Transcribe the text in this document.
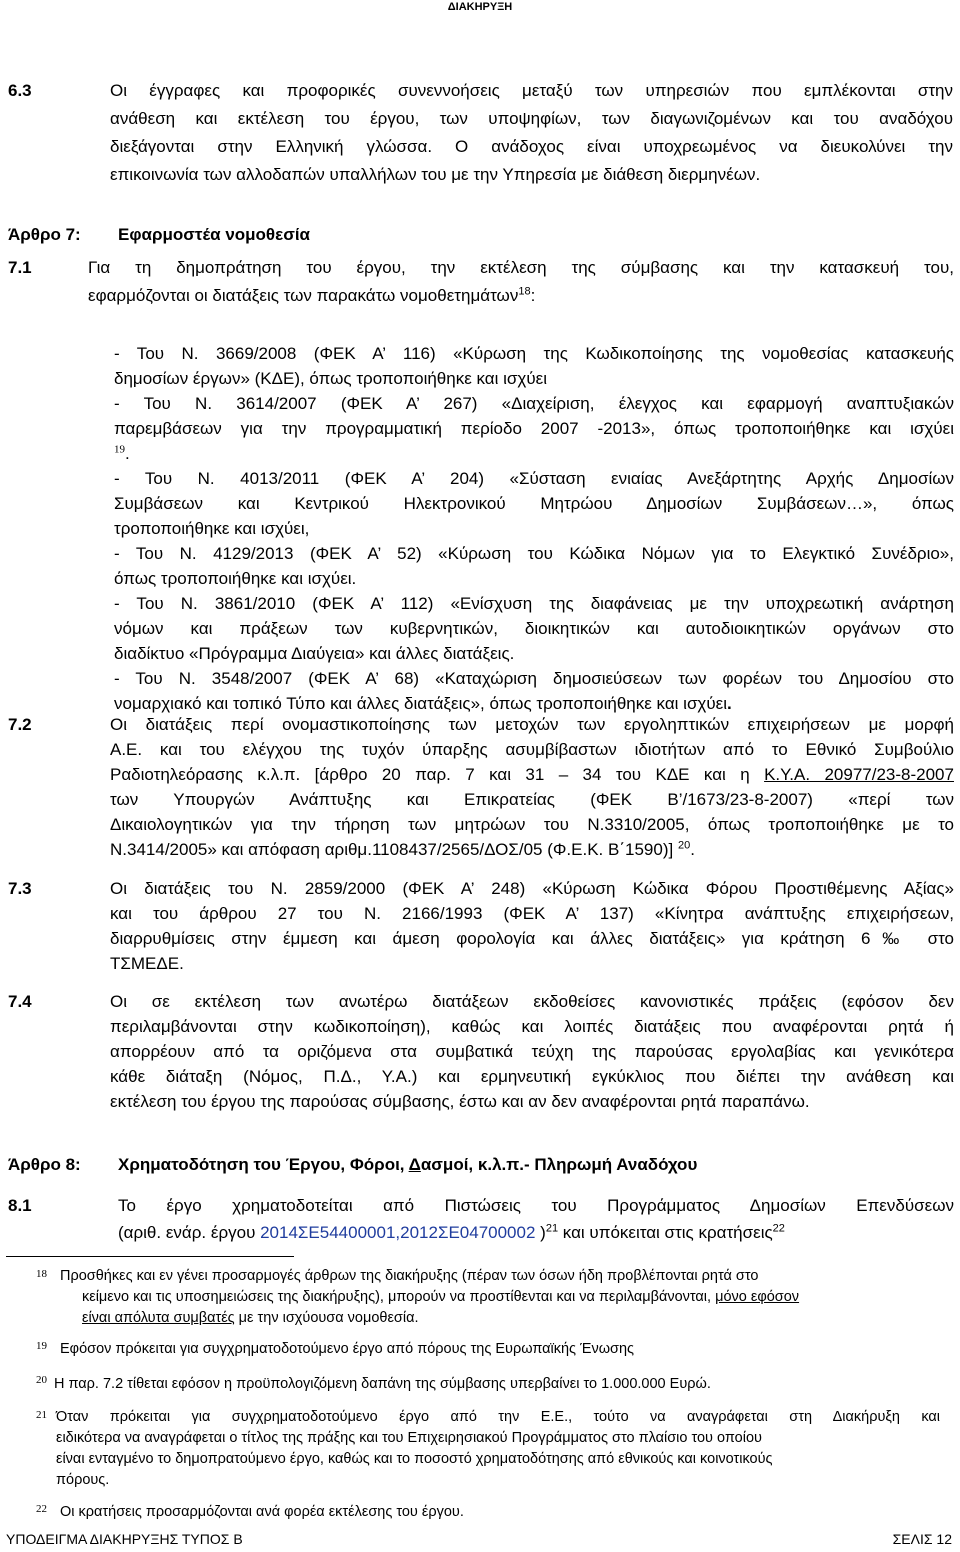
ΔΙΑΚΗΡΥΞΗ
6.3	Οι έγγραφες και προφορικές συνεννοήσεις μεταξύ των υπηρεσιών που εμπλέκονται στην
ανάθεση και εκτέλεση του έργου, των υποψηφίων, των διαγωνιζομένων και του αναδόχου
διεξάγονται στην Ελληνική γλώσσα. Ο ανάδοχος είναι υποχρεωμένος να διευκολύνει την
επικοινωνία των αλλοδαπών υπαλλήλων του με την Υπηρεσία με διάθεση διερμηνέων.
Άρθρο 7: Εφαρμοστέα νομοθεσία
7.1	Για τη δημοπράτηση του έργου, την εκτέλεση της σύμβασης και την κατασκευή του,
εφαρμόζονται οι διατάξεις των παρακάτω νομοθετημάτων$^{18}$:
- Του Ν. 3669/2008 (ΦΕΚ Α’ 116) «Κύρωση της Κωδικοποίησης της νομοθεσίας κατασκευής
δημοσίων έργων» (ΚΔΕ), όπως τροποποιήθηκε και ισχύει
- Του Ν. 3614/2007 (ΦΕΚ Α’ 267) «Διαχείριση, έλεγχος και εφαρμογή αναπτυξιακών
παρεμβάσεων για την προγραμματική περίοδο 2007 -2013», όπως τροποποιήθηκε και ισχύει
$^{19}$.
- Του Ν. 4013/2011 (ΦΕΚ Α’ 204) «Σύσταση ενιαίας Ανεξάρτητης Αρχής Δημοσίων
Συμβάσεων και Κεντρικού Ηλεκτρονικού Μητρώου Δημοσίων Συμβάσεων…», όπως
τροποποιήθηκε και ισχύει,
- Του Ν. 4129/2013 (ΦΕΚ Α’ 52) «Κύρωση του Κώδικα Νόμων για το Ελεγκτικό Συνέδριο»,
όπως τροποποιήθηκε και ισχύει.
- Του Ν. 3861/2010 (ΦΕΚ Α’ 112) «Ενίσχυση της διαφάνειας με την υποχρεωτική ανάρτηση
νόμων και πράξεων των κυβερνητικών, διοικητικών και αυτοδιοικητικών οργάνων στο
διαδίκτυο «Πρόγραμμα Διαύγεια» και άλλες διατάξεις.
- Του Ν. 3548/2007 (ΦΕΚ Α’ 68) «Καταχώριση δημοσιεύσεων των φορέων του Δημοσίου στο
νομαρχιακό και τοπικό Τύπο και άλλες διατάξεις», όπως τροποποιήθηκε και ισχύει.
7.2	Οι διατάξεις περί ονομαστικοποίησης των μετοχών των εργοληπτικών επιχειρήσεων με μορφή
Α.Ε. και του ελέγχου της τυχόν ύπαρξης ασυμβίβαστων ιδιοτήτων από το Εθνικό Συμβούλιο
Ραδιοτηλεόρασης κ.λ.π. [άρθρο 20 παρ. 7 και 31 – 34 του ΚΔΕ και η Κ.Υ.Α. 20977/23-8-2007
των Υπουργών Ανάπτυξης και Επικρατείας (ΦΕΚ Β’/1673/23-8-2007) «περί των
Δικαιολογητικών για την τήρηση των μητρώων του Ν.3310/2005, όπως τροποποιήθηκε με το
Ν.3414/2005» και απόφαση αριθμ.1108437/2565/ΔΟΣ/05 (Φ.Ε.Κ. Β΄1590)] $^{20}$.
7.3	Οι διατάξεις του Ν. 2859/2000 (ΦΕΚ Α’ 248) «Κύρωση Κώδικα Φόρου Προστιθέμενης Αξίας»
και του άρθρου 27 του Ν. 2166/1993 (ΦΕΚ Α’ 137) «Κίνητρα ανάπτυξης επιχειρήσεων,
διαρρυθμίσεις στην έμμεση και άμεση φορολογία και άλλες διατάξεις» για κράτηση 6‰ στο
ΤΣΜΕΔΕ.
7.4	Οι σε εκτέλεση των ανωτέρω διατάξεων εκδοθείσες κανονιστικές πράξεις (εφόσον δεν
περιλαμβάνονται στην κωδικοποίηση), καθώς και λοιπές διατάξεις που αναφέρονται ρητά ή
απορρέουν από τα οριζόμενα στα συμβατικά τεύχη της παρούσας εργολαβίας και γενικότερα
κάθε διάταξη (Νόμος, Π.Δ., Υ.Α.) και ερμηνευτική εγκύκλιος που διέπει την ανάθεση και
εκτέλεση του έργου της παρούσας σύμβασης, έστω και αν δεν αναφέρονται ρητά παραπάνω.
Άρθρο 8: Χρηματοδότηση του Έργου, Φόροι, Δασμοί, κ.λ.π.- Πληρωμή Αναδόχου
8.1	Το έργο χρηματοδοτείται από Πιστώσεις του Προγράμματος Δημοσίων Επενδύσεων
(αριθ. ενάρ. έργου 2014ΣΕ54400001,2012ΣΕ04700002 )$^{21}$ και υπόκειται στις κρατήσεις$^{22}$
18 Προσθήκες και εν γένει προσαρμογές άρθρων της διακήρυξης (πέραν των όσων ήδη προβλέπονται ρητά στο
κείμενο και τις υποσημειώσεις της διακήρυξης), μπορούν να προστίθενται και να περιλαμβάνονται, μόνο εφόσον
είναι απόλυτα συμβατές με την ισχύουσα νομοθεσία.
19 Εφόσον πρόκειται για συγχρηματοδοτούμενο έργο από πόρους της Ευρωπαϊκής Ένωσης
20 Η παρ. 7.2 τίθεται εφόσον η προϋπολογιζόμενη δαπάνη της σύμβασης υπερβαίνει το 1.000.000 Ευρώ.
21 Όταν πρόκειται για συγχρηματοδοτούμενο έργο από την Ε.Ε., τούτο να αναγράφεται στη Διακήρυξη και
ειδικότερα να αναγράφεται ο τίτλος της πράξης και του Επιχειρησιακού Προγράμματος στο πλαίσιο του οποίου
είναι ενταγμένο το δημοπρατούμενο έργο, καθώς και το ποσοστό χρηματοδότησης από εθνικούς και κοινοτικούς
πόρους.
22 Οι κρατήσεις προσαρμόζονται ανά φορέα εκτέλεσης του έργου.
ΥΠΟΔΕΙΓΜΑ ΔΙΑΚΗΡΥΞΗΣ ΤΥΠΟΣ Β	ΣΕΛΙΣ 12
